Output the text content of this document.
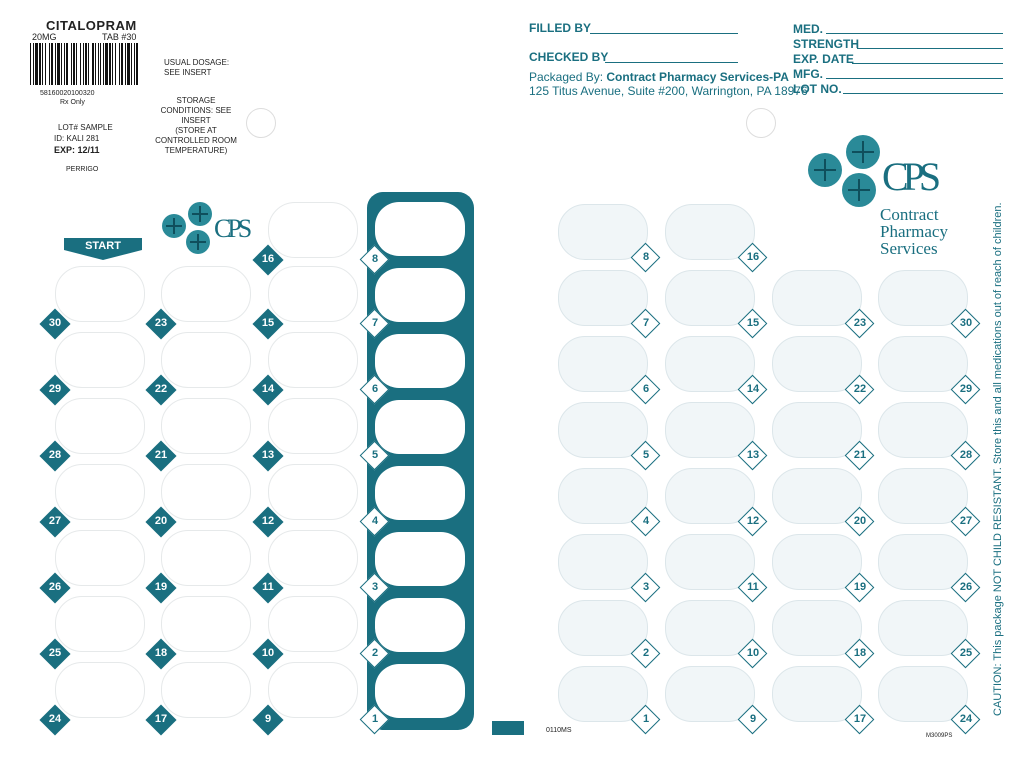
CITALOPRAM
20MG	TAB #30
58160020100320
Rx Only
LOT# SAMPLE
ID: KALI 281
EXP: 12/11
PERRIGO
USUAL DOSAGE:
SEE INSERT
STORAGE
CONDITIONS: SEE
INSERT
(STORE AT
CONTROLLED ROOM
TEMPERATURE)
FILLED BY
CHECKED BY
Packaged By: Contract Pharmacy Services-PA
125 Titus Avenue, Suite #200, Warrington, PA 18976
MED.
STRENGTH
EXP. DATE
MFG.
LOT NO.
CPS
Contract
Pharmacy
Services
CPS
START
8	16
7	15	23	30
6	14	22	29
5	13	21	28
4	12	20	27
3	11	19	26
2	10	18	25
1	9	17	24
0110MS
M3009PS
CAUTION: This package NOT CHILD RESISTANT. Store this and all medications out of reach of children.
16	8
30	23	15	7
29	22	14	6
28	21	13	5
27	20	12	4
26	19	11	3
25	18	10	2
24	17	9	1
